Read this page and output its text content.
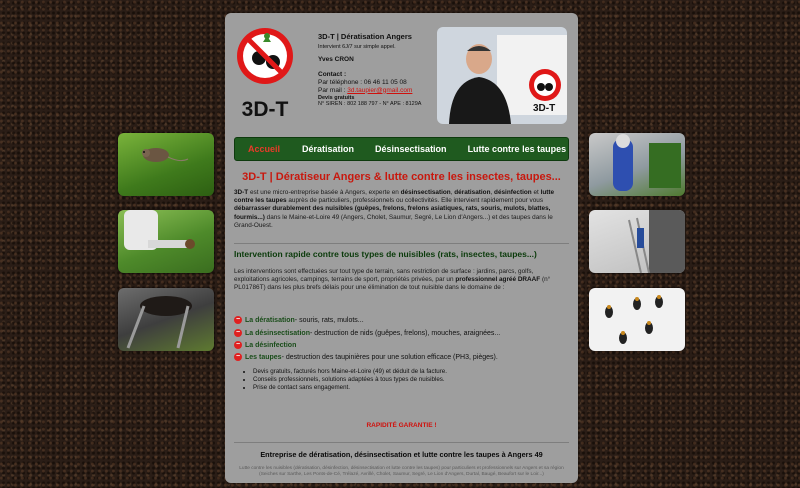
3D-T
3D-T | Dératisation Angers
Intervient 6J/7 sur simple appel.
Yves CRON
Contact :
Par téléphone : 06 46 11 05 08
Par mail : 3d.taupier@gmail.com
Devis gratuits
N° SIREN : 802 188 797 - N° APE : 8129A	3D-T
Accueil Dératisation Désinsectisation Lutte contre les taupes
3D-T | Dératiseur Angers & lutte contre les insectes, taupes...
3D-T est une micro-entreprise basée à Angers, experte en désinsectisation, dératisation, désinfection et lutte contre les taupes auprès de particuliers, professionnels ou collectivités. Elle intervient rapidement pour vous débarrasser durablement des nuisibles (guêpes, frelons, frelons asiatiques, rats, souris, mulots, blattes, fourmis...) dans le Maine-et-Loire 49 (Angers, Cholet, Saumur, Segré, Le Lion d'Angers...) et des taupes dans le Grand-Ouest.
Intervention rapide contre tous types de nuisibles (rats, insectes, taupes...)
Les interventions sont effectuées sur tout type de terrain, sans restriction de surface : jardins, parcs, golfs, exploitations agricoles, campings, terrains de sport, propriétés privées, par un professionnel agréé DRAAF (n° PL01786T) dans les plus brefs délais pour une élimination de tout nuisible dans le domaine de :
− La dératisation - souris, rats, mulots...
− La désinsectisation - destruction de nids (guêpes, frelons), mouches, araignées...
− La désinfection
− Les taupes - destruction des taupinières pour une solution efficace (PH3, pièges).
• Devis gratuits, facturés hors Maine-et-Loire (49) et déduit de la facture.
• Conseils professionnels, solutions adaptées à tous types de nuisibles.
• Prise de contact sans engagement.
RAPIDITÉ GARANTIE !
Entreprise de dératisation, désinsectisation et lutte contre les taupes à Angers 49
Lutte contre les nuisibles (dératisation, désinfection, désinsectisation et lutte contre les taupes) pour particuliers et professionnels sur Angers et sa région (Seiches sur Sarthe, Les Ponts-de-Cé, Trélazé, Avrillé, Cholet, Saumur, Segré, Le Lion d'Angers, Durtal, Baugé, Beaufort sur le Loir...)
